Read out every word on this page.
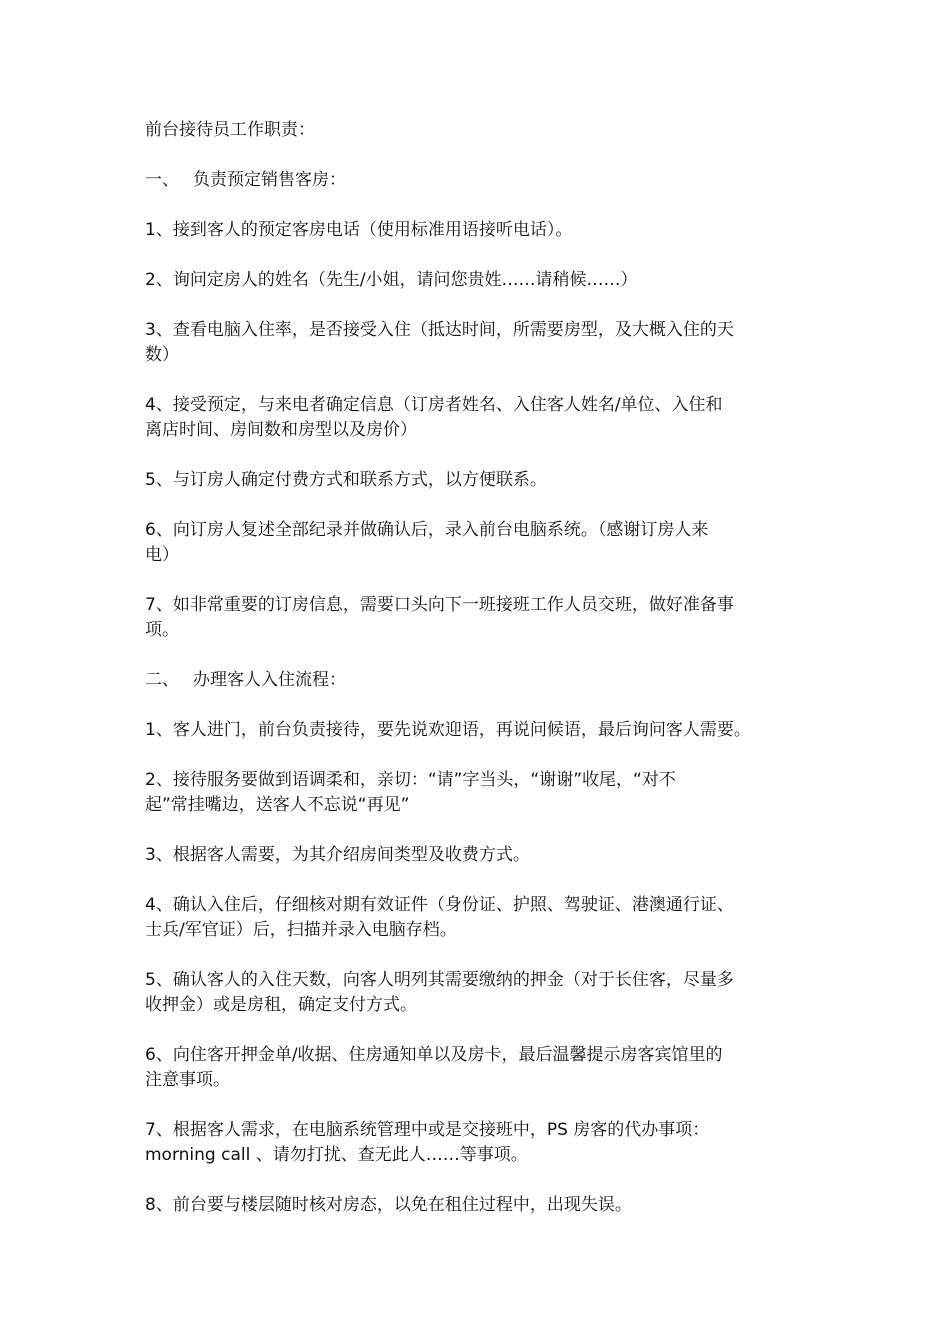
前台接待员工作职责：

一、 负责预定销售客房：

1、接到客人的预定客房电话（使用标准用语接听电话）。

2、询问定房人的姓名（先生/小姐，请问您贵姓……请稍候……）

3、查看电脑入住率，是否接受入住（抵达时间，所需要房型，及大概入住的天

数）

4、接受预定，与来电者确定信息（订房者姓名、入住客人姓名/单位、入住和

离店时间、房间数和房型以及房价）

5、与订房人确定付费方式和联系方式，以方便联系。

6、向订房人复述全部纪录并做确认后，录入前台电脑系统。（感谢订房人来

电）

7、如非常重要的订房信息，需要口头向下一班接班工作人员交班，做好准备事

项。

二、 办理客人入住流程：

1、客人进门，前台负责接待，要先说欢迎语，再说问候语，最后询问客人需要。

2、接待服务要做到语调柔和，亲切：“请”字当头，“谢谢”收尾，“对不

起”常挂嘴边，送客人不忘说“再见”

3、根据客人需要，为其介绍房间类型及收费方式。

4、确认入住后，仔细核对期有效证件（身份证、护照、驾驶证、港澳通行证、

士兵/军官证）后，扫描并录入电脑存档。

5、确认客人的入住天数，向客人明列其需要缴纳的押金（对于长住客，尽量多

收押金）或是房租，确定支付方式。

6、向住客开押金单/收据、住房通知单以及房卡，最后温馨提示房客宾馆里的

注意事项。

7、根据客人需求，在电脑系统管理中或是交接班中，PS 房客的代办事项：

morning call 、请勿打扰、查无此人……等事项。

8、前台要与楼层随时核对房态，以免在租住过程中，出现失误。
